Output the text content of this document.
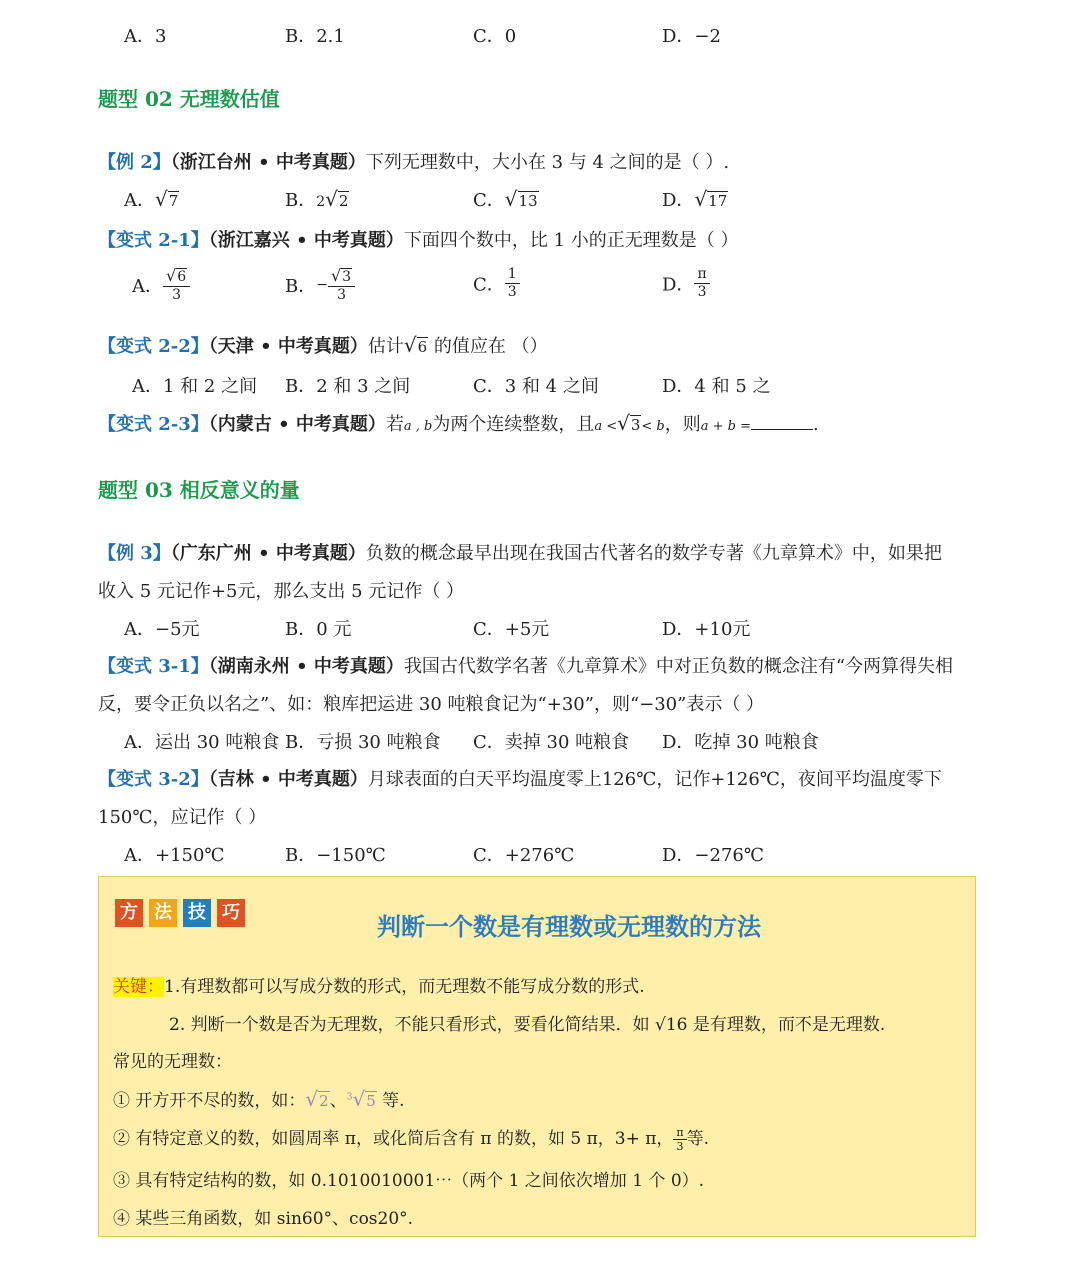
A．3	B．2.1	C．0	D．−2
题型 02 无理数估值
【例 2】（浙江台州 • 中考真题）下列无理数中，大小在 3 与 4 之间的是（ ）.
A．√7	B．2√2	C．√13	D．√17
【变式 2-1】（浙江嘉兴 • 中考真题）下面四个数中，比 1 小的正无理数是（ ）
A． $\frac{√6}{3}$	B．− $\frac{√3}{3}$	C． $\frac{1}{3}$	D． $\frac{\pi}{3}$
【变式 2-2】（天津 • 中考真题）估计√6 的值应在 （）
A．1 和 2 之间 B．2 和 3 之间	C．3 和 4 之间	D．4 和 5 之
【变式 2-3】（内蒙古 • 中考真题）若a , b为两个连续整数，且a <√3< b，则a + b =	.
题型 03 相反意义的量
【例 3】（广东广州 • 中考真题）负数的概念最早出现在我国古代著名的数学专著《九章算术》中，如果把
收入 5 元记作+5元，那么支出 5 元记作（ ）
A．−5元	B．0 元	C．+5元	D．+10元
【变式 3-1】（湖南永州 • 中考真题）我国古代数学名著《九章算术》中对正负数的概念注有“今两算得失相
反，要令正负以名之”、如：粮库把运进 30 吨粮食记为“+30”，则“−30”表示（ ）
A．运出 30 吨粮食 B．亏损 30 吨粮食 C．卖掉 30 吨粮食 D．吃掉 30 吨粮食
【变式 3-2】（吉林 • 中考真题）月球表面的白天平均温度零上126℃，记作+126℃，夜间平均温度零下
150℃，应记作（ ）
A．+150℃	B．−150℃	C．+276℃	D．−276℃
方 法 技 巧	判断一个数是有理数或无理数的方法
关键：1.有理数都可以写成分数的形式，而无理数不能写成分数的形式.
2. 判断一个数是否为无理数，不能只看形式，要看化简结果．如 √16 是有理数，而不是无理数.
常见的无理数：
① 开方开不尽的数，如：√2、$^3$√5 等.
② 有特定意义的数，如圆周率 π，或化简后含有 π 的数，如 5 π，3+ π， $\frac{\pi}{3}$ 等.
③ 具有特定结构的数，如 0.1010010001⋯（两个 1 之间依次增加 1 个 0）.
④ 某些三角函数，如 sin60°、cos20°.
